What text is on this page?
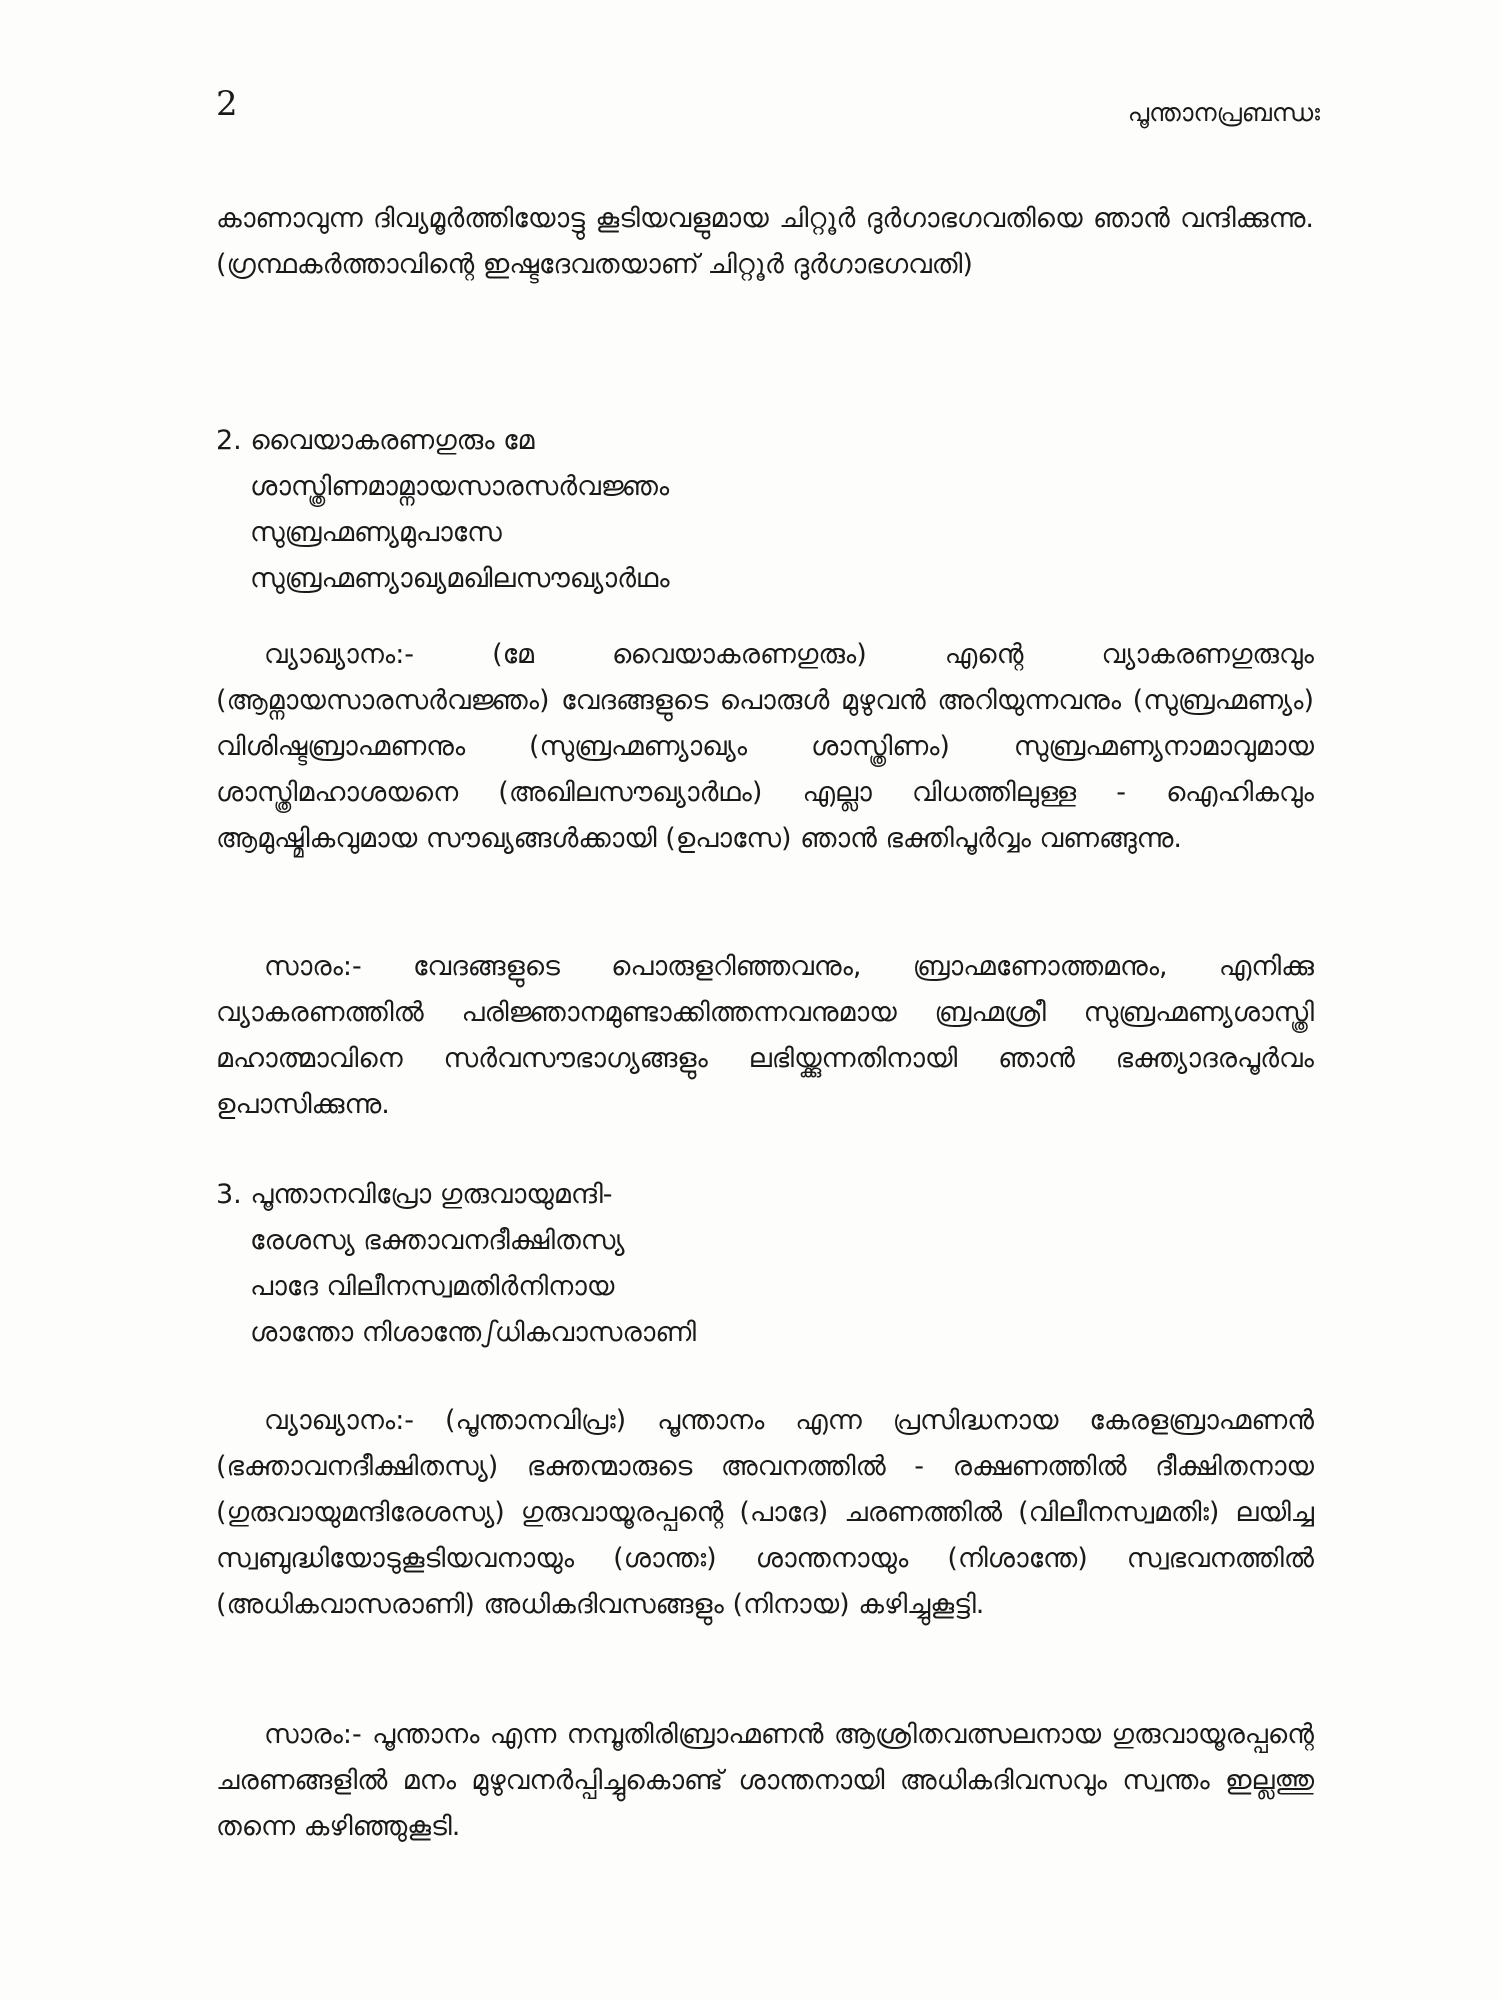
2	പൂന്താനപ്രബന്ധഃ

കാണാവുന്ന ദിവ്യമൂർത്തിയോട്ടു കൂടിയവളുമായ ചിറ്റൂർ ദുർഗാഭഗവതിയെ ഞാൻ വന്ദിക്കുന്നു. (ഗ്രന്ഥകർത്താവിന്റെ ഇഷ്ടദേവതയാണ് ചിറ്റൂർ ദുർഗാഭഗവതി)

2. വൈയാകരണഗുരും മേ
ശാസ്ത്രിണമാമ്നായസാരസർവജ്ഞം
സുബ്രഹ്മണ്യമുപാസേ
സുബ്രഹ്മണ്യാഖ്യമഖിലസൗഖ്യാർഥം

വ്യാഖ്യാനം:- (മേ വൈയാകരണഗുരും) എന്റെ വ്യാകരണഗുരുവും (ആമ്നായസാരസർവജ്ഞം) വേദങ്ങളുടെ പൊരുൾ മുഴുവൻ അറിയുന്നവനും (സുബ്രഹ്മണ്യം) വിശിഷ്ടബ്രാഹ്മണനും (സുബ്രഹ്മണ്യാഖ്യം ശാസ്ത്രിണം) സുബ്രഹ്മണ്യനാമാവുമായ ശാസ്ത്രിമഹാശയനെ (അഖിലസൗഖ്യാർഥം) എല്ലാ വിധത്തിലുള്ള - ഐഹികവും ആമുഷ്മികവുമായ സൗഖ്യങ്ങൾക്കായി (ഉപാസേ) ഞാൻ ഭക്തിപൂർവ്വം വണങ്ങുന്നു.

സാരം:- വേദങ്ങളുടെ പൊരുളറിഞ്ഞവനും, ബ്രാഹ്മണോത്തമനും, എനിക്കു വ്യാകരണത്തിൽ പരിജ്ഞാനമുണ്ടാക്കിത്തന്നവനുമായ ബ്രഹ്മശ്രീ സുബ്രഹ്മണ്യശാസ്ത്രി മഹാത്മാവിനെ സർവസൗഭാഗ്യങ്ങളും ലഭിയ്ക്കുന്നതിനായി ഞാൻ ഭക്ത്യാദരപൂർവം ഉപാസിക്കുന്നു.

3. പൂന്താനവിപ്രോ ഗുരുവായുമന്ദി-
രേശസ്യ ഭക്താവനദീക്ഷിതസ്യ
പാദേ വിലീനസ്വമതിർനിനായ
ശാന്തോ നിശാന്തേഽധികവാസരാണി

വ്യാഖ്യാനം:- (പൂന്താനവിപ്രഃ) പൂന്താനം എന്ന പ്രസിദ്ധനായ കേരളബ്രാഹ്മണൻ (ഭക്താവനദീക്ഷിതസ്യ) ഭക്തന്മാരുടെ അവനത്തിൽ - രക്ഷണത്തിൽ ദീക്ഷിതനായ (ഗുരുവായുമന്ദിരേശസ്യ) ഗുരുവായൂരപ്പന്റെ (പാദേ) ചരണത്തിൽ (വിലീനസ്വമതിഃ) ലയിച്ച സ്വബുദ്ധിയോടുകൂടിയവനായും (ശാന്തഃ) ശാന്തനായും (നിശാന്തേ) സ്വഭവനത്തിൽ (അധികവാസരാണി) അധികദിവസങ്ങളും (നിനായ) കഴിച്ചുകൂട്ടി.

സാരം:- പൂന്താനം എന്ന നമ്പൂതിരിബ്രാഹ്മണൻ ആശ്രിതവത്സലനായ ഗുരുവായൂരപ്പന്റെ ചരണങ്ങളിൽ മനം മുഴുവനർപ്പിച്ചുകൊണ്ട് ശാന്തനായി അധികദിവസവും സ്വന്തം ഇല്ലത്തു തന്നെ കഴിഞ്ഞുകൂടി.
